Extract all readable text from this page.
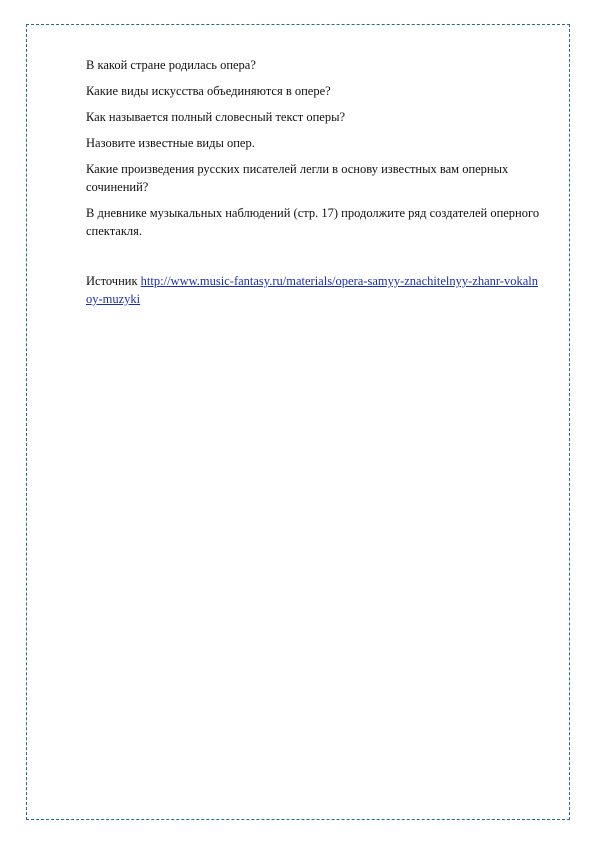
В какой стране родилась опера?

Какие виды искусства объединяются в опере?

Как называется полный словесный текст оперы?

Назовите известные виды опер.

Какие произведения русских писателей легли в основу известных вам оперных сочинений?

В дневнике музыкальных наблюдений (стр. 17) продолжите ряд создателей оперного спектакля.

Источник http://www.music-fantasy.ru/materials/opera-samyy-znachitelnyy-zhanr-vokalnoy-muzyki
